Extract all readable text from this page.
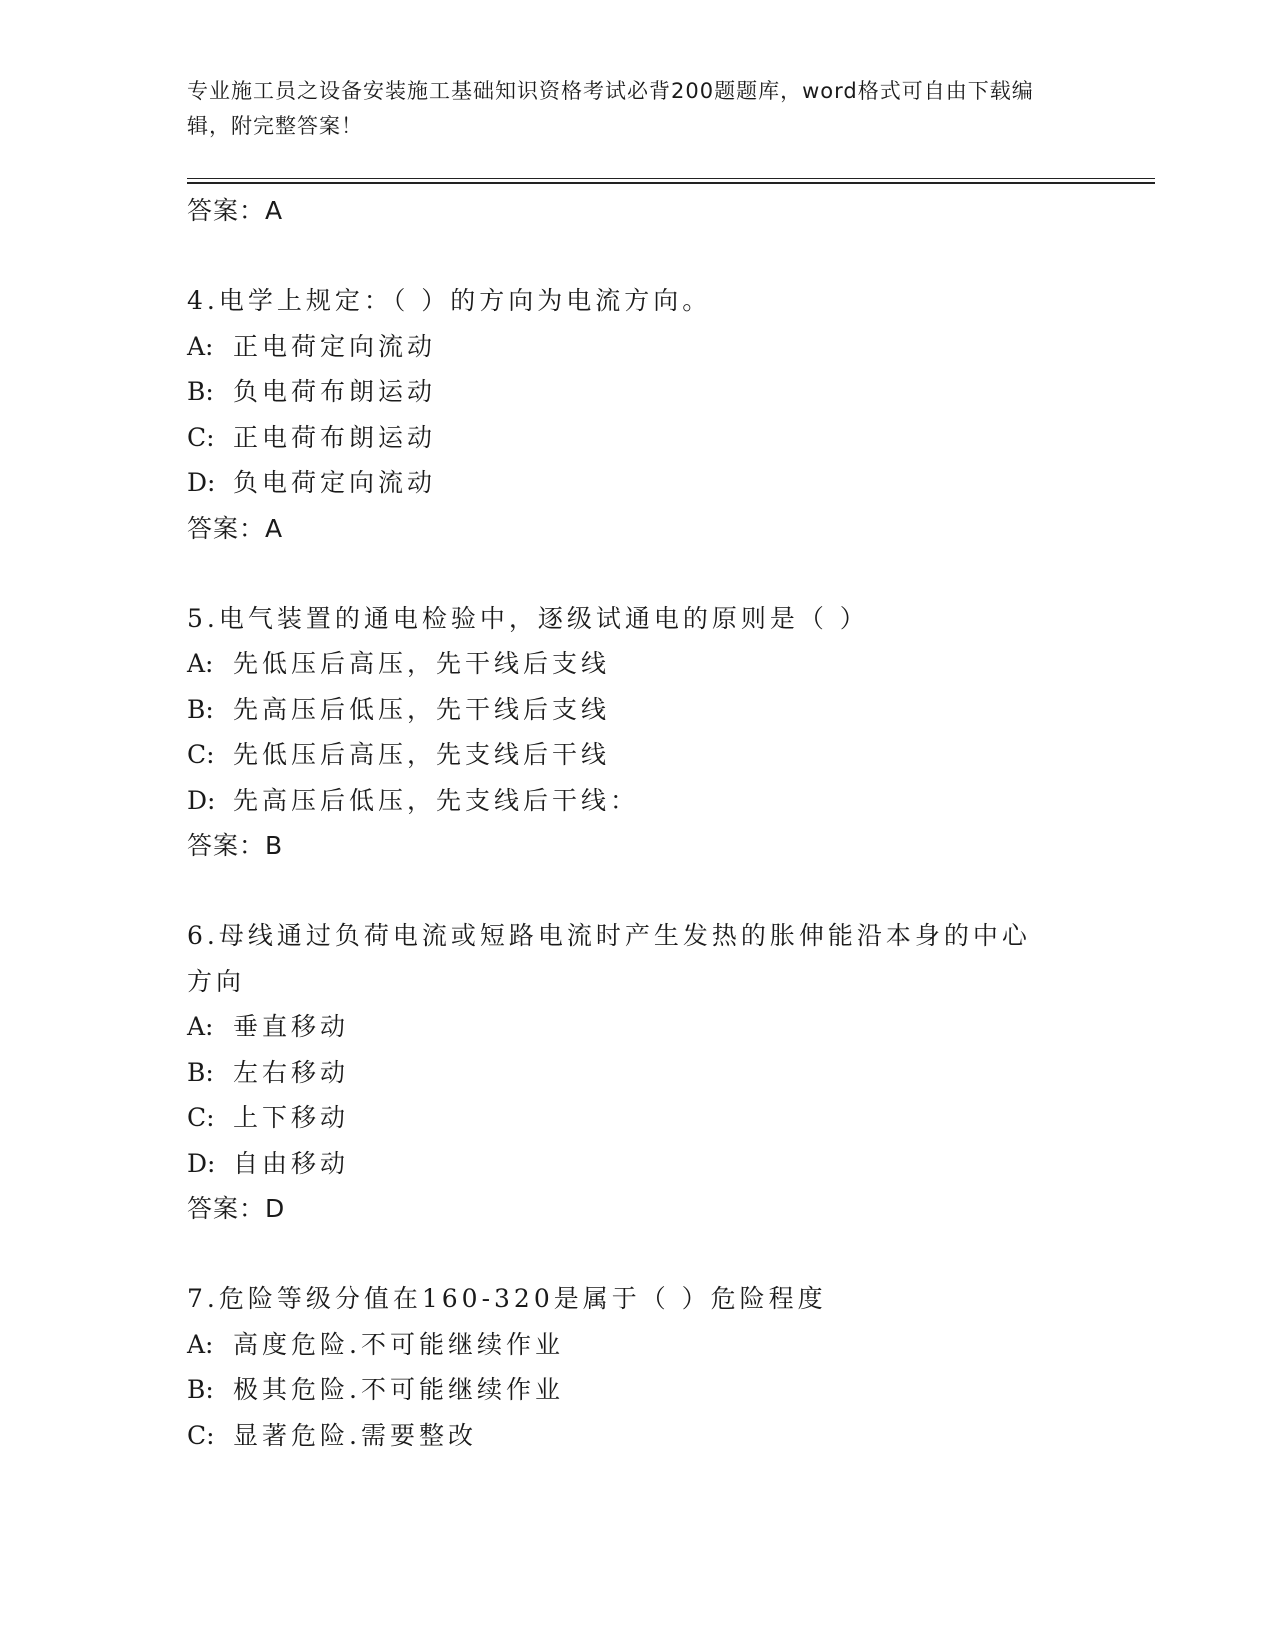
专业施工员之设备安装施工基础知识资格考试必背200题题库，word格式可自由下载编辑，附完整答案！
答案：A
4.电学上规定：（ ）的方向为电流方向。
A: 正电荷定向流动
B: 负电荷布朗运动
C: 正电荷布朗运动
D: 负电荷定向流动
答案：A
5.电气装置的通电检验中，逐级试通电的原则是（ ）
A: 先低压后高压，先干线后支线
B: 先高压后低压，先干线后支线
C: 先低压后高压，先支线后干线
D: 先高压后低压，先支线后干线：
答案：B
6.母线通过负荷电流或短路电流时产生发热的胀伸能沿本身的中心方向
A: 垂直移动
B: 左右移动
C: 上下移动
D: 自由移动
答案：D
7.危险等级分值在160-320是属于（ ）危险程度
A: 高度危险.不可能继续作业
B: 极其危险.不可能继续作业
C: 显著危险.需要整改
